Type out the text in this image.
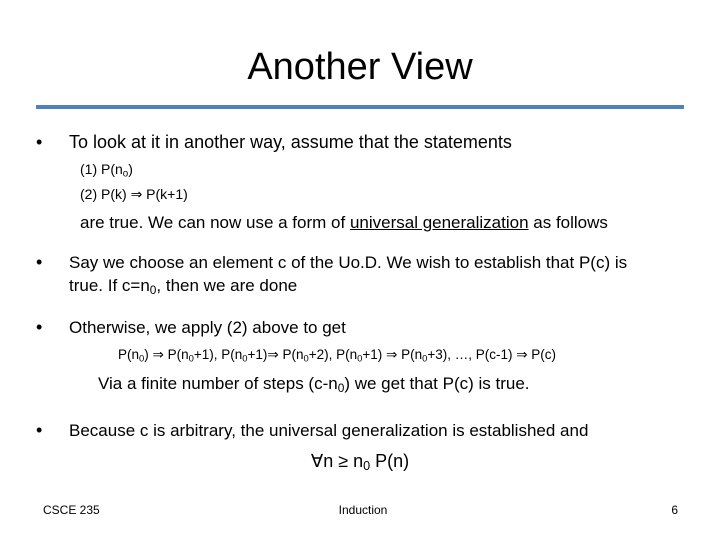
Another View
• To look at it in another way, assume that the statements
(1) $P(n_o)$
(2) P(k) ⇒ P(k+1)
are true. We can now use a form of universal generalization as follows
• Say we choose an element c of the Uo.D. We wish to establish that P(c) is
true. If $c=n_0$, then we are done
• Otherwise, we apply (2) above to get
$P(n_0)$ ⇒ $P(n_0+1)$, $P(n_0+1)\Rightarrow$ $P(n_0+2)$, $P(n_0+1)$ ⇒ $P(n_0+3)$, …, P(c-1) ⇒ P(c)
Via a finite number of steps $(c-n_0)$ we get that P(c) is true.
• Because c is arbitrary, the universal generalization is established and
∀n ≥ $n_0$ P(n)
CSCE 235	Induction	6
